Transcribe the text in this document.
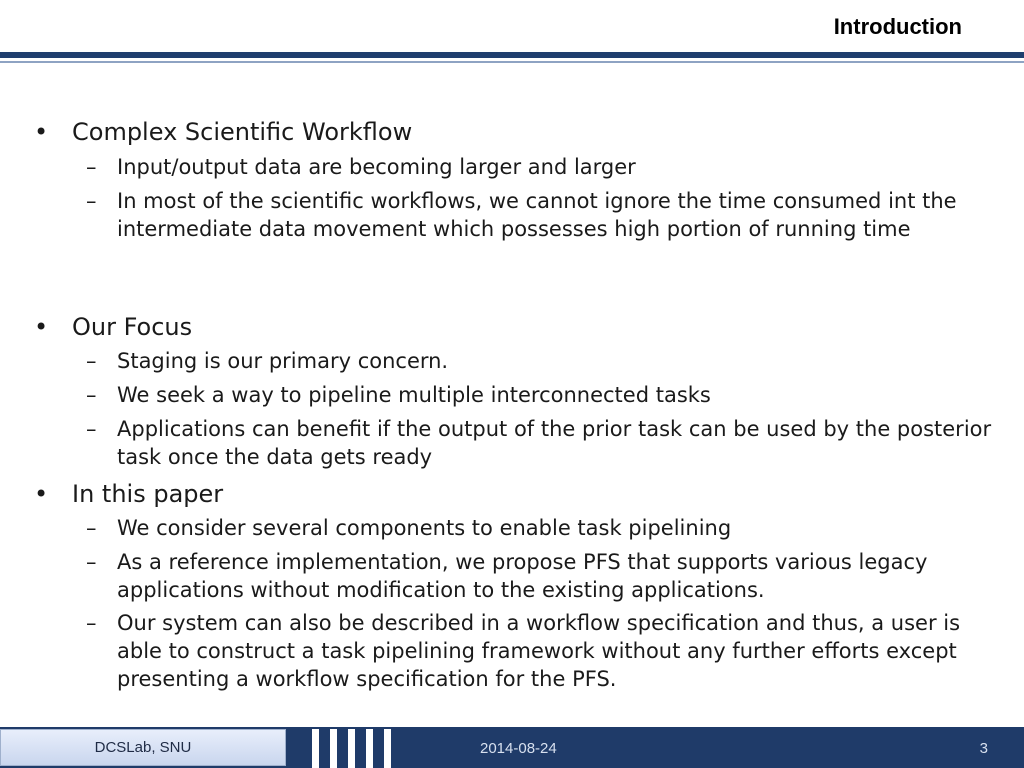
Introduction
• Complex Scientific Workflow
– Input/output data are becoming larger and larger
– In most of the scientific workflows, we cannot ignore the time consumed int the intermediate data movement which possesses high portion of running time
• Our Focus
– Staging is our primary concern.
– We seek a way to pipeline multiple interconnected tasks
– Applications can benefit if the output of the prior task can be used by the posterior task once the data gets ready
• In this paper
– We consider several components to enable task pipelining
– As a reference implementation, we propose PFS that supports various legacy applications without modification to the existing applications.
– Our system can also be described in a workflow specification and thus, a user is able to construct a task pipelining framework without any further efforts except presenting a workflow specification for the PFS.
DCSLab, SNU	2014-08-24	3
